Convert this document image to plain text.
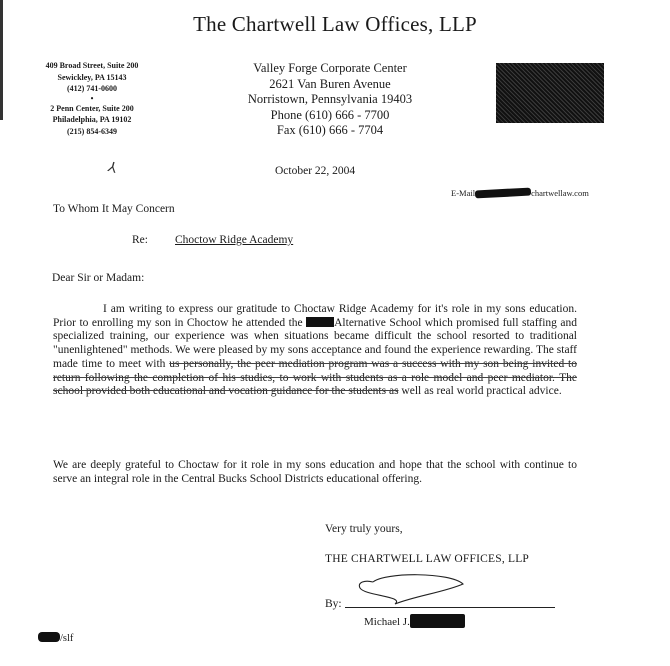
The Chartwell Law Offices, LLP
409 Broad Street, Suite 200
Sewickley, PA 15143
(412) 741-0600
•
2 Penn Center, Suite 200
Philadelphia, PA 19102
(215) 854-6349
Valley Forge Corporate Center
2621 Van Buren Avenue
Norristown, Pennsylvania 19403
Phone (610) 666 - 7700
Fax (610) 666 - 7704
E-Mail	chartwellaw.com
⅄	October 22, 2004
To Whom It May Concern
Re: Choctow Ridge Academy
Dear Sir or Madam:
I am writing to express our gratitude to Choctaw Ridge Academy for it's role in my sons education. Prior to enrolling my son in Choctow he attended the Alternative School which promised full staffing and specialized training, our experience was when situations became difficult the school resorted to traditional "unenlightened" methods. We were pleased by my sons acceptance and found the experience rewarding. The staff made time to meet with us personally, the peer mediation program was a success with my son being invited to return following the completion of his studies, to work with students as a role model and peer mediator. The school provided both educational and vocation guidance for the students as well as real world practical advice.
We are deeply grateful to Choctaw for it role in my sons education and hope that the school with continue to serve an integral role in the Central Bucks School Districts educational offering.
Very truly yours,
THE CHARTWELL LAW OFFICES, LLP
By:
Michael J.
/slf
